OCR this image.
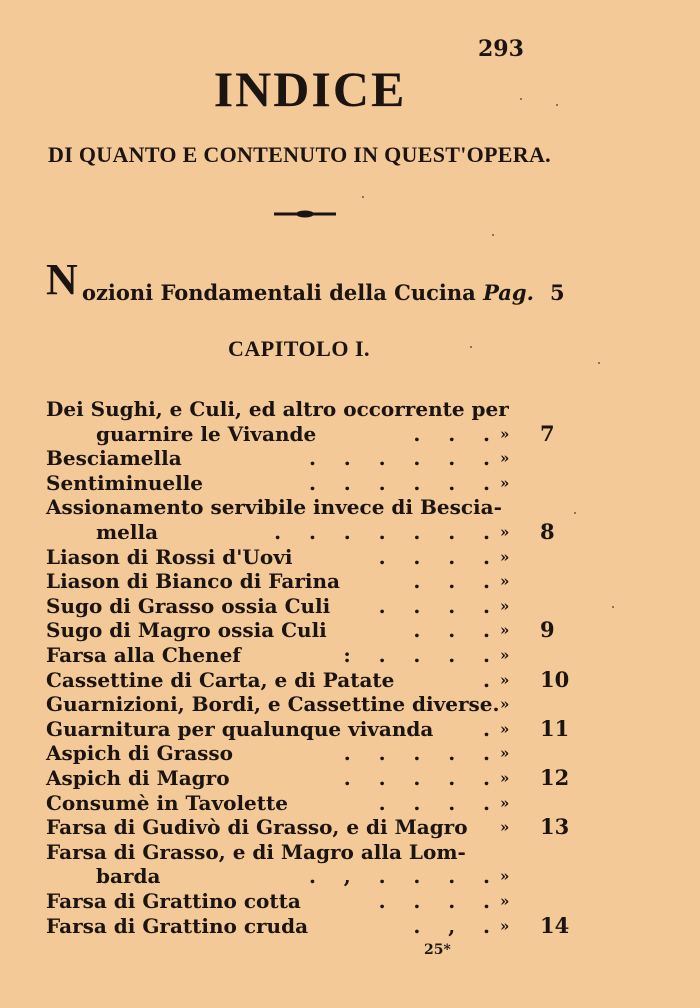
293
INDICE
DI QUANTO E CONTENUTO IN QUEST'OPERA.
N ozioni Fondamentali della Cucina Pag. 5
CAPITOLO I.
Dei Sughi, e Culi, ed altro occorrente per
guarnire le Vivande	.    .    . » 7
Besciamella	.    .    .    .    .    . »
Sentiminuelle	.    .    .    .    .    . »
Assionamento servibile invece di Bescia-
mella	.    .    .    .    .    .    . » 8
Liason di Rossi d'Uovi	.    .    .    . »
Liason di Bianco di Farina	.    .    . »
Sugo di Grasso ossia Culi .    .    .    . »
Sugo di Magro ossia Culi	.    .    . » 9
Farsa alla Chenef	:    .    .    .    . »
Cassettine di Carta, e di Patate	. » 10
Guarnizioni, Bordi, e Cassettine diverse. »
Guarnitura per qualunque vivanda . » 11
Aspich di Grasso	.    .    .    .    . »
Aspich di Magro	.    .    .    .    . » 12
Consumè in Tavolette	.    .    .    . »
Farsa di Gudivò di Grasso, e di Magro » 13
Farsa di Grasso, e di Magro alla Lom-
barda	.    ,    .    .    .    . »
Farsa di Grattino cotta	.    .    .    . »
Farsa di Grattino cruda	.    ,    . » 14
25*
